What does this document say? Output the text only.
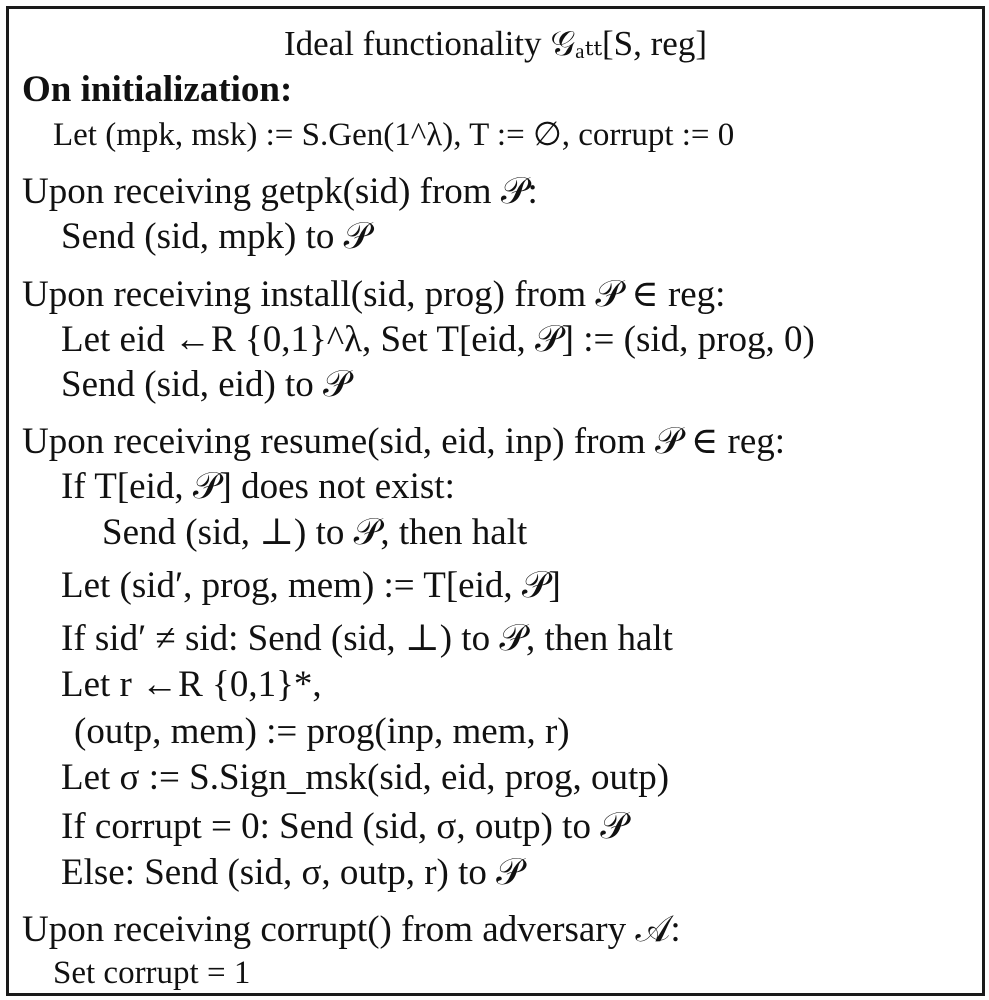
Ideal functionality 𝒢ₐₜₜ[S, reg]
On initialization:
Let (mpk, msk) := S.Gen(1^λ), T := ∅, corrupt := 0
Upon receiving getpk(sid) from 𝒫:
Send (sid, mpk) to 𝒫
Upon receiving install(sid, prog) from 𝒫 ∈ reg:
Let eid ←R {0,1}^λ, Set T[eid, 𝒫] := (sid, prog, 0)
Send (sid, eid) to 𝒫
Upon receiving resume(sid, eid, inp) from 𝒫 ∈ reg:
If T[eid, 𝒫] does not exist:
Send (sid, ⊥) to 𝒫, then halt
Let (sid′, prog, mem) := T[eid, 𝒫]
If sid′ ≠ sid: Send (sid, ⊥) to 𝒫, then halt
Let r ←R {0,1}*,
(outp, mem) := prog(inp, mem, r)
Let σ := S.Sign_msk(sid, eid, prog, outp)
If corrupt = 0: Send (sid, σ, outp) to 𝒫
Else: Send (sid, σ, outp, r) to 𝒫
Upon receiving corrupt() from adversary 𝒜:
Set corrupt = 1
